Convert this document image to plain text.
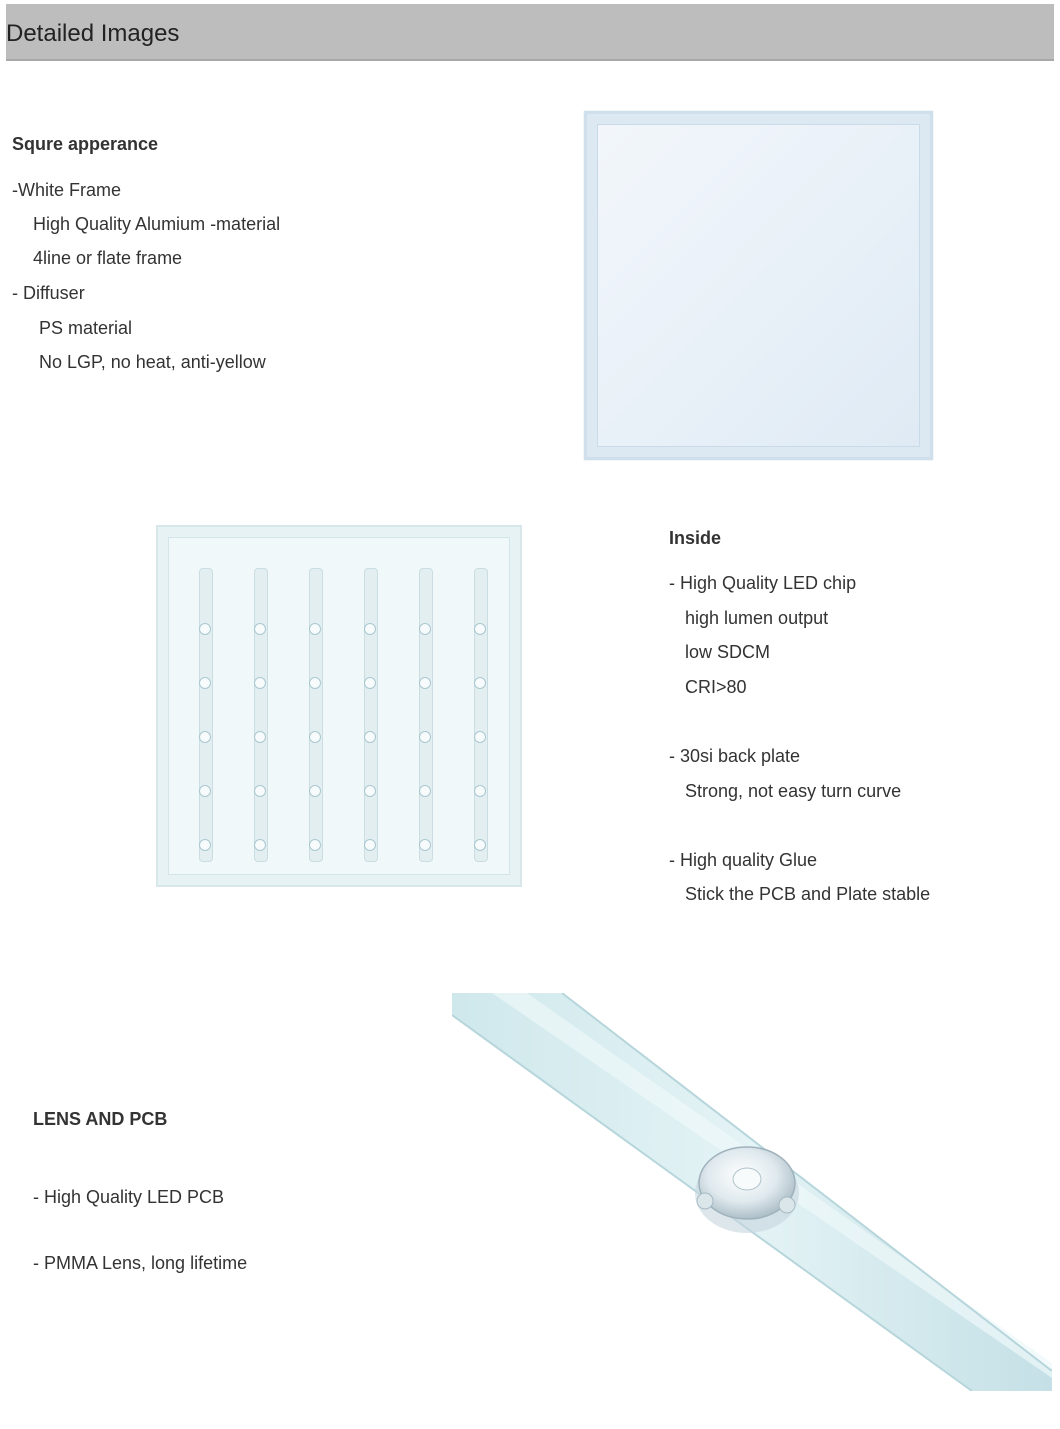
Detailed Images
Squre apperance
-White Frame
High Quality Alumium -material
4line or flate frame
- Diffuser
PS material
No LGP, no heat, anti-yellow
Inside
- High Quality LED chip
high lumen output
low SDCM
CRI>80
- 30si back plate
Strong, not easy turn curve
- High quality Glue
Stick the PCB and Plate stable
LENS AND PCB
- High Quality LED PCB
- PMMA Lens, long lifetime
